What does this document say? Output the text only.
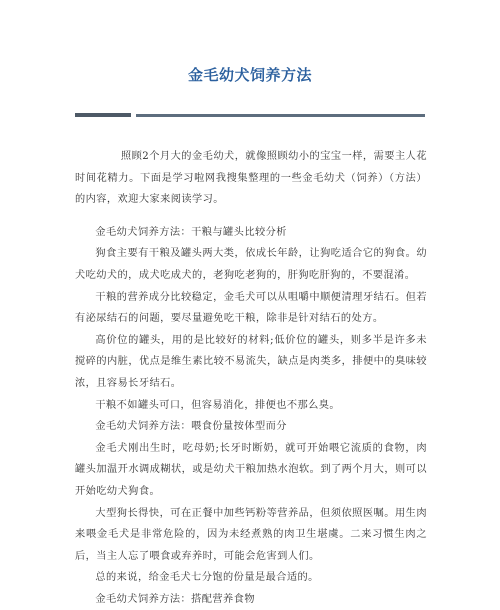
金毛幼犬饲养方法

照顾2个月大的金毛幼犬，就像照顾幼小的宝宝一样，需要主人花时间花精力。下面是学习啦网我搜集整理的一些金毛幼犬（饲养）（方法）的内容，欢迎大家来阅读学习。

金毛幼犬饲养方法：干粮与罐头比较分析

狗食主要有干粮及罐头两大类，依成长年龄，让狗吃适合它的狗食。幼犬吃幼犬的，成犬吃成犬的，老狗吃老狗的，肝狗吃肝狗的，不要混淆。

干粮的营养成分比较稳定，金毛犬可以从咀嚼中顺便清理牙结石。但若有泌尿结石的问题，要尽量避免吃干粮，除非是针对结石的处方。

高价位的罐头，用的是比较好的材料;低价位的罐头，则多半是许多未搅碎的内脏，优点是维生素比较不易流失，缺点是肉类多，排便中的臭味较浓，且容易长牙结石。

干粮不如罐头可口，但容易消化，排便也不那么臭。

金毛幼犬饲养方法：喂食份量按体型而分

金毛犬刚出生时，吃母奶;长牙时断奶，就可开始喂它流质的食物，肉罐头加温开水调成糊状，或是幼犬干粮加热水泡软。到了两个月大，则可以开始吃幼犬狗食。

大型狗长得快，可在正餐中加些钙粉等营养品，但须依照医嘱。用生肉来喂金毛犬是非常危险的，因为未经煮熟的肉卫生堪虞。二来习惯生肉之后，当主人忘了喂食或弃养时，可能会危害到人们。

总的来说，给金毛犬七分饱的份量是最合适的。

金毛幼犬饲养方法：搭配营养食物
